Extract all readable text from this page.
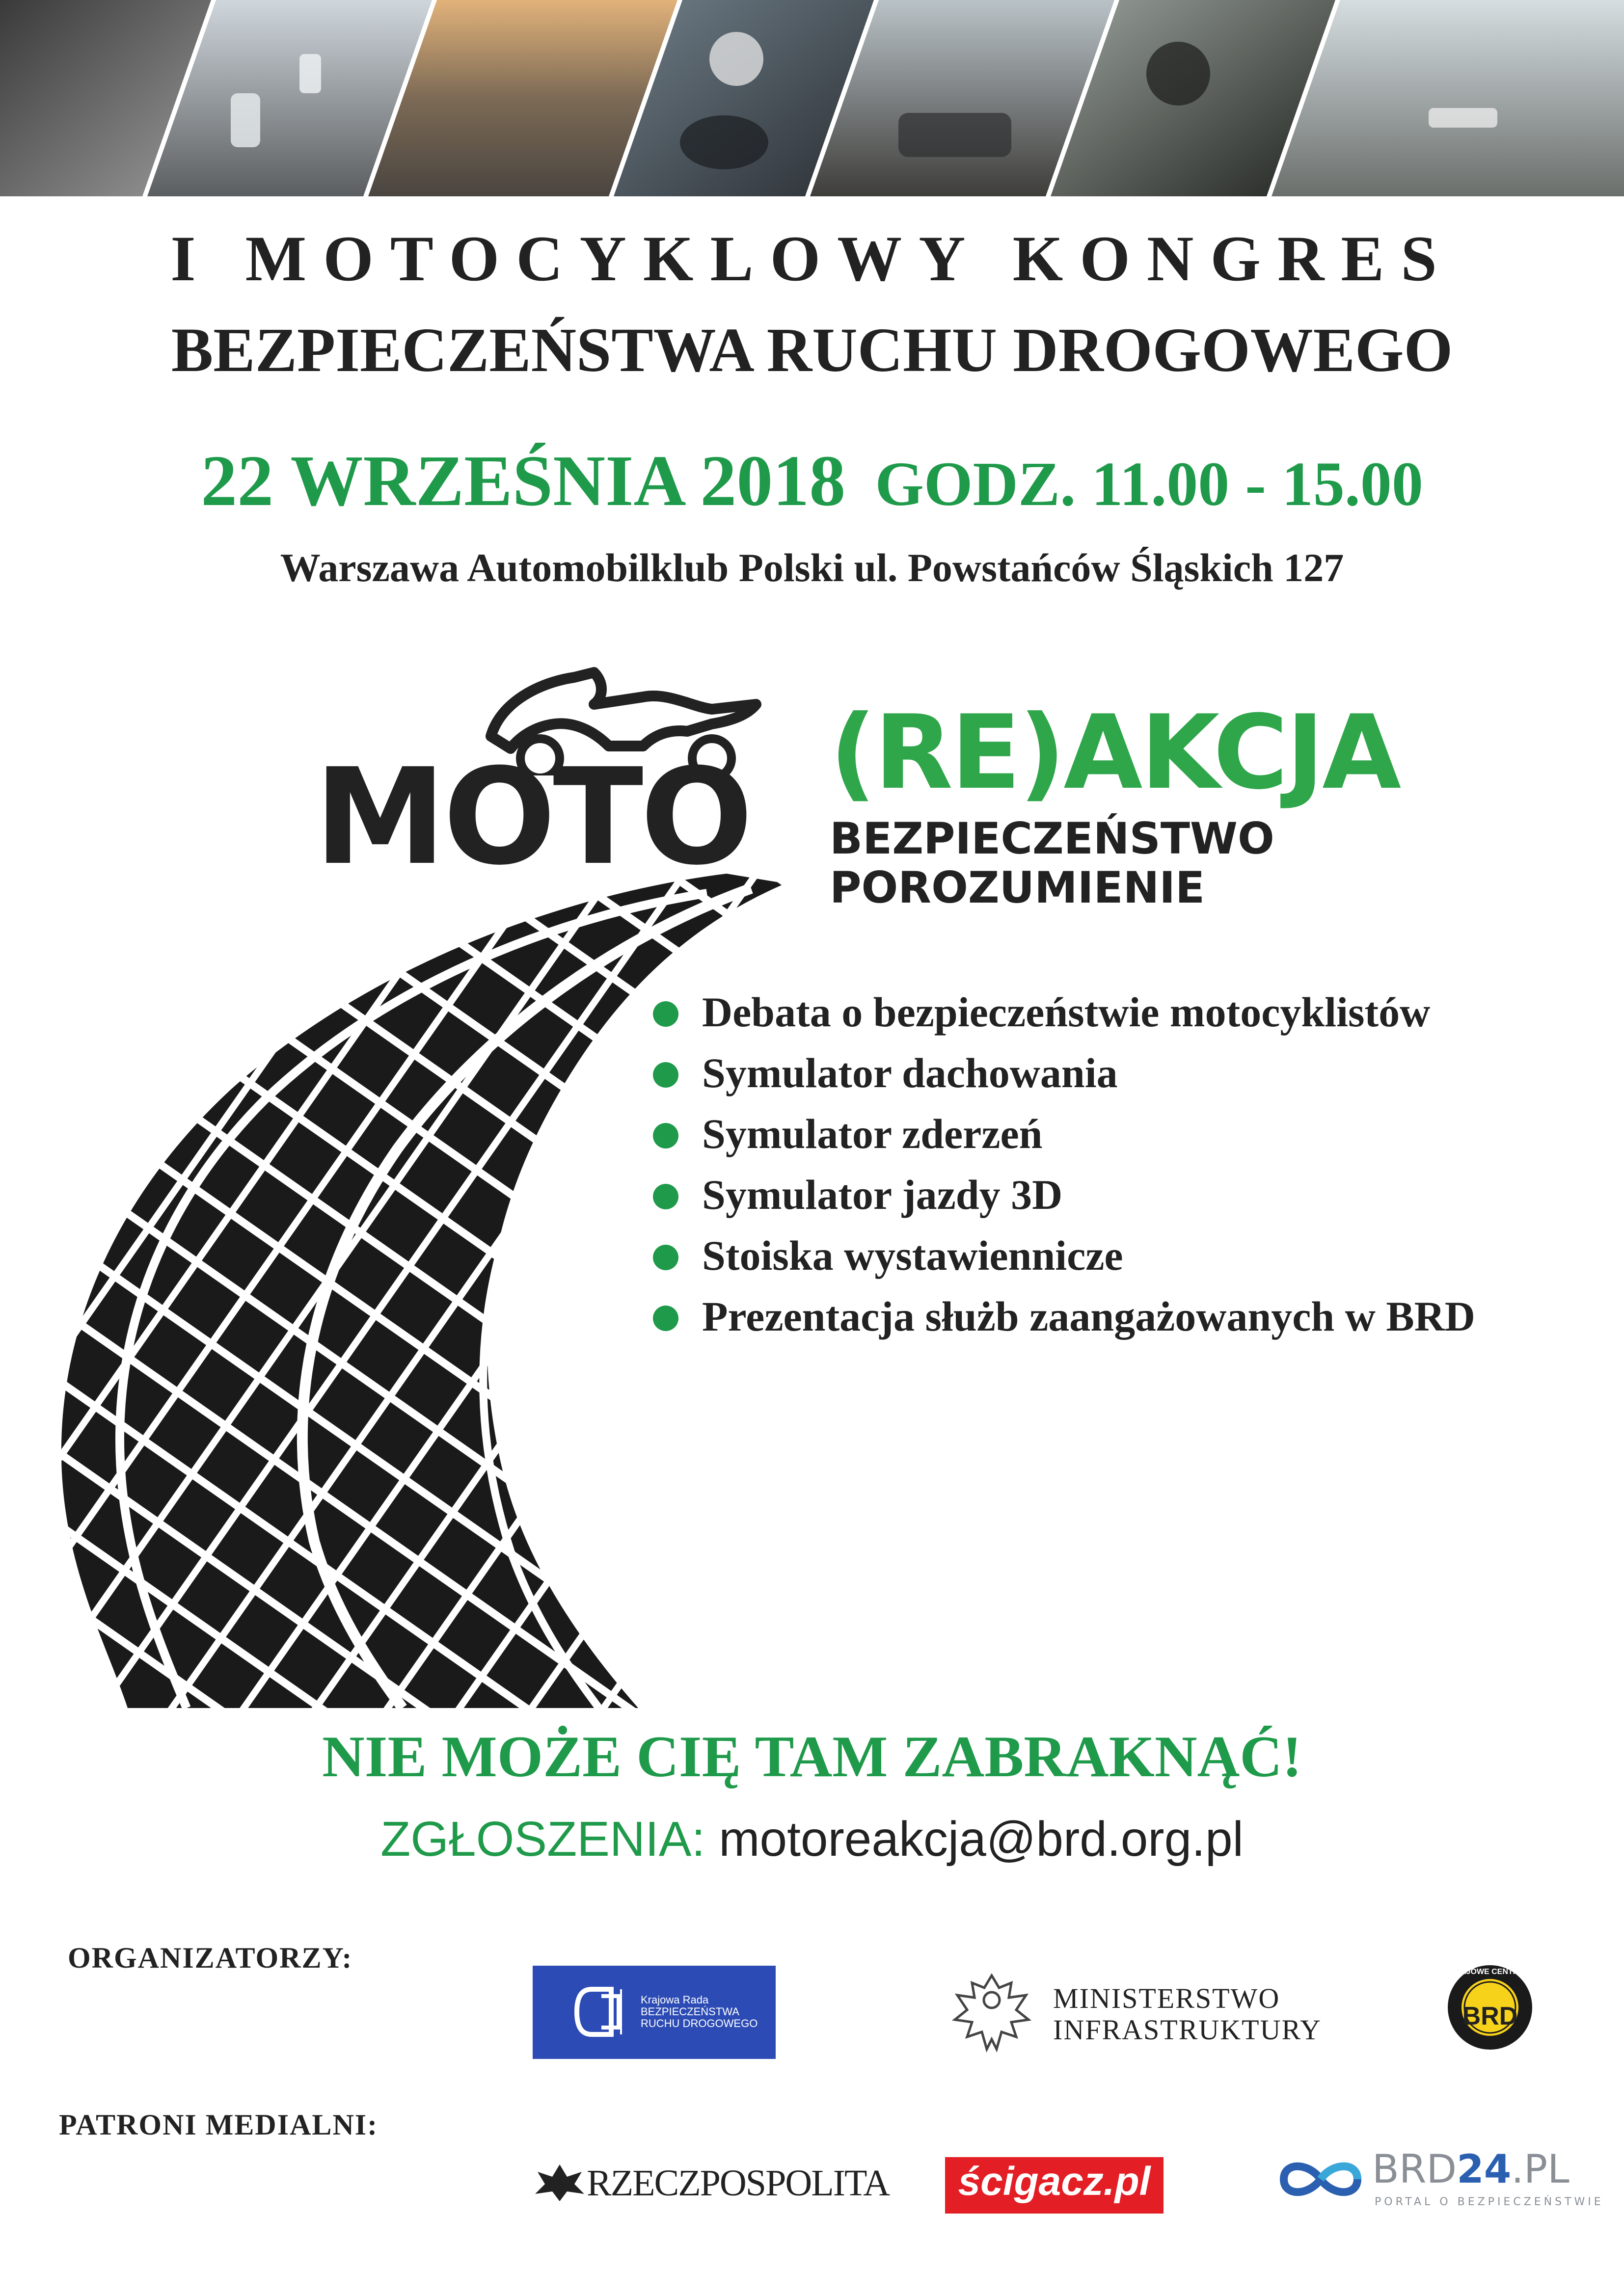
I MOTOCYKLOWY KONGRES
BEZPIECZEŃSTWA RUCHU DROGOWEGO
22 WRZEŚNIA 2018 GODZ. 11.00 - 15.00
Warszawa Automobilklub Polski ul. Powstańców Śląskich 127
MOTO (RE)AKCJA
BEZPIECZEŃSTWO
POROZUMIENIE
Debata o bezpieczeństwie motocyklistów
Symulator dachowania
Symulator zderzeń
Symulator jazdy 3D
Stoiska wystawiennicze
Prezentacja służb zaangażowanych w BRD
NIE MOŻE CIĘ TAM ZABRAKNĄĆ!
ZGŁOSZENIA: motoreakcja@brd.org.pl
ORGANIZATORZY:
Krajowa Rada
BEZPIECZEŃSTWA
RUCHU DROGOWEGO
MINISTERSTWO
INFRASTRUKTURY
KRAJOWE CENTRUM
BRD
PATRONI MEDIALNI:
RZECZPOSPOLITA	ścigacz.pl	BRD24.PL
PORTAL O BEZPIECZEŃSTWIE
